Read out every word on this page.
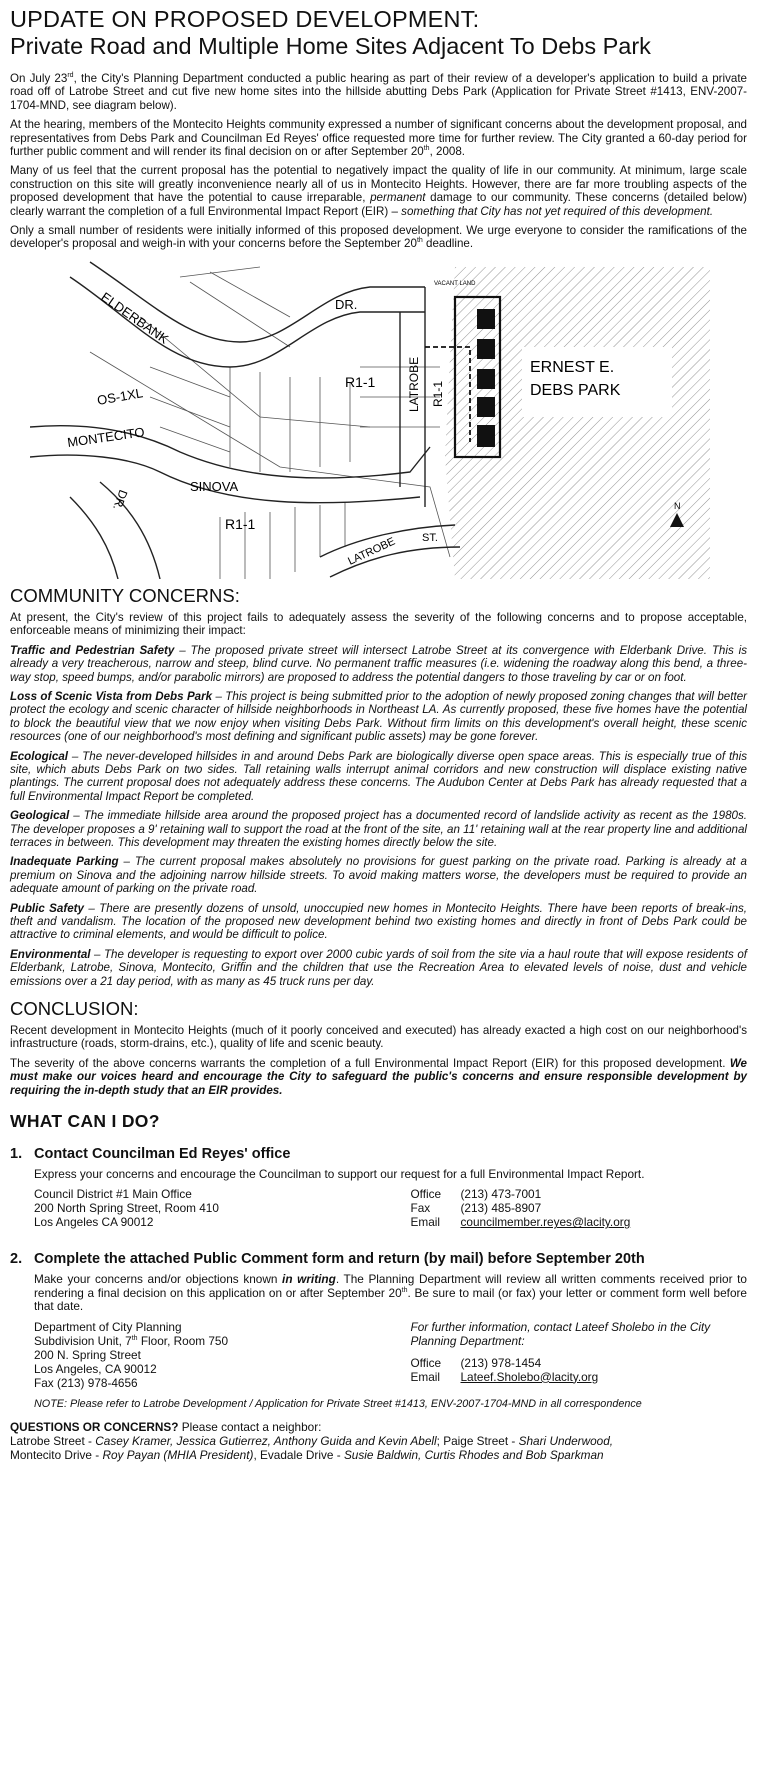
UPDATE ON PROPOSED DEVELOPMENT:
Private Road and Multiple Home Sites Adjacent To Debs Park

On July 23rd, the City's Planning Department conducted a public hearing as part of their review of a developer's application to build a private road off of Latrobe Street and cut five new home sites into the hillside abutting Debs Park (Application for Private Street #1413, ENV-2007-1704-MND, see diagram below).

At the hearing, members of the Montecito Heights community expressed a number of significant concerns about the development proposal, and representatives from Debs Park and Councilman Ed Reyes' office requested more time for further review. The City granted a 60-day period for further public comment and will render its final decision on or after September 20th, 2008.

Many of us feel that the current proposal has the potential to negatively impact the quality of life in our community. At minimum, large scale construction on this site will greatly inconvenience nearly all of us in Montecito Heights. However, there are far more troubling aspects of the proposed development that have the potential to cause irreparable, permanent damage to our community. These concerns (detailed below) clearly warrant the completion of a full Environmental Impact Report (EIR) – something that City has not yet required of this development.

Only a small number of residents were initially informed of this proposed development. We urge everyone to consider the ramifications of the developer's proposal and weigh-in with your concerns before the September 20th deadline.

ELDERBANK	DR.
OS-1XL
MONTECITO
DR.
SINOVA
LATROBE
LATROBE ST.
R1-1	R1-1
R1-1
VACANT LAND
ERNEST E.
DEBS PARK
N
COMMUNITY CONCERNS:

At present, the City's review of this project fails to adequately assess the severity of the following concerns and to propose acceptable, enforceable means of minimizing their impact:

Traffic and Pedestrian Safety – The proposed private street will intersect Latrobe Street at its convergence with Elderbank Drive. This is already a very treacherous, narrow and steep, blind curve. No permanent traffic measures (i.e. widening the roadway along this bend, a three-way stop, speed bumps, and/or parabolic mirrors) are proposed to address the potential dangers to those traveling by car or on foot.

Loss of Scenic Vista from Debs Park – This project is being submitted prior to the adoption of newly proposed zoning changes that will better protect the ecology and scenic character of hillside neighborhoods in Northeast LA. As currently proposed, these five homes have the potential to block the beautiful view that we now enjoy when visiting Debs Park. Without firm limits on this development's overall height, these scenic resources (one of our neighborhood's most defining and significant public assets) may be gone forever.

Ecological – The never-developed hillsides in and around Debs Park are biologically diverse open space areas. This is especially true of this site, which abuts Debs Park on two sides. Tall retaining walls interrupt animal corridors and new construction will displace existing native plantings. The current proposal does not adequately address these concerns. The Audubon Center at Debs Park has already requested that a full Environmental Impact Report be completed.

Geological – The immediate hillside area around the proposed project has a documented record of landslide activity as recent as the 1980s. The developer proposes a 9' retaining wall to support the road at the front of the site, an 11' retaining wall at the rear property line and additional terraces in between. This development may threaten the existing homes directly below the site.

Inadequate Parking – The current proposal makes absolutely no provisions for guest parking on the private road. Parking is already at a premium on Sinova and the adjoining narrow hillside streets. To avoid making matters worse, the developers must be required to provide an adequate amount of parking on the private road.

Public Safety – There are presently dozens of unsold, unoccupied new homes in Montecito Heights. There have been reports of break-ins, theft and vandalism. The location of the proposed new development behind two existing homes and directly in front of Debs Park could be attractive to criminal elements, and would be difficult to police.

Environmental – The developer is requesting to export over 2000 cubic yards of soil from the site via a haul route that will expose residents of Elderbank, Latrobe, Sinova, Montecito, Griffin and the children that use the Recreation Area to elevated levels of noise, dust and vehicle emissions over a 21 day period, with as many as 45 truck runs per day.

CONCLUSION:

Recent development in Montecito Heights (much of it poorly conceived and executed) has already exacted a high cost on our neighborhood's infrastructure (roads, storm-drains, etc.), quality of life and scenic beauty.

The severity of the above concerns warrants the completion of a full Environmental Impact Report (EIR) for this proposed development. We must make our voices heard and encourage the City to safeguard the public's concerns and ensure responsible development by requiring the in-depth study that an EIR provides.

WHAT CAN I DO?
1. Contact Councilman Ed Reyes' office

Express your concerns and encourage the Councilman to support our request for a full Environmental Impact Report.

Council District #1 Main Office
200 North Spring Street, Room 410
Los Angeles CA 90012
Office	(213) 473-7001
Fax	(213) 485-8907
Email	councilmember.reyes@lacity.org
2. Complete the attached Public Comment form and return (by mail) before September 20th

Make your concerns and/or objections known in writing. The Planning Department will review all written comments received prior to rendering a final decision on this application on or after September 20th. Be sure to mail (or fax) your letter or comment form well before that date.

Department of City Planning
Subdivision Unit, 7th Floor, Room 750
200 N. Spring Street
Los Angeles, CA 90012
Fax (213) 978-4656
For further information, contact Lateef Sholebo in the City Planning Department:
Office	(213) 978-1454
Email	Lateef.Sholebo@lacity.org
NOTE: Please refer to Latrobe Development / Application for Private Street #1413, ENV-2007-1704-MND in all correspondence

QUESTIONS OR CONCERNS? Please contact a neighbor:

Latrobe Street - Casey Kramer, Jessica Gutierrez, Anthony Guida and Kevin Abell; Paige Street - Shari Underwood,

Montecito Drive - Roy Payan (MHIA President), Evadale Drive - Susie Baldwin, Curtis Rhodes and Bob Sparkman
